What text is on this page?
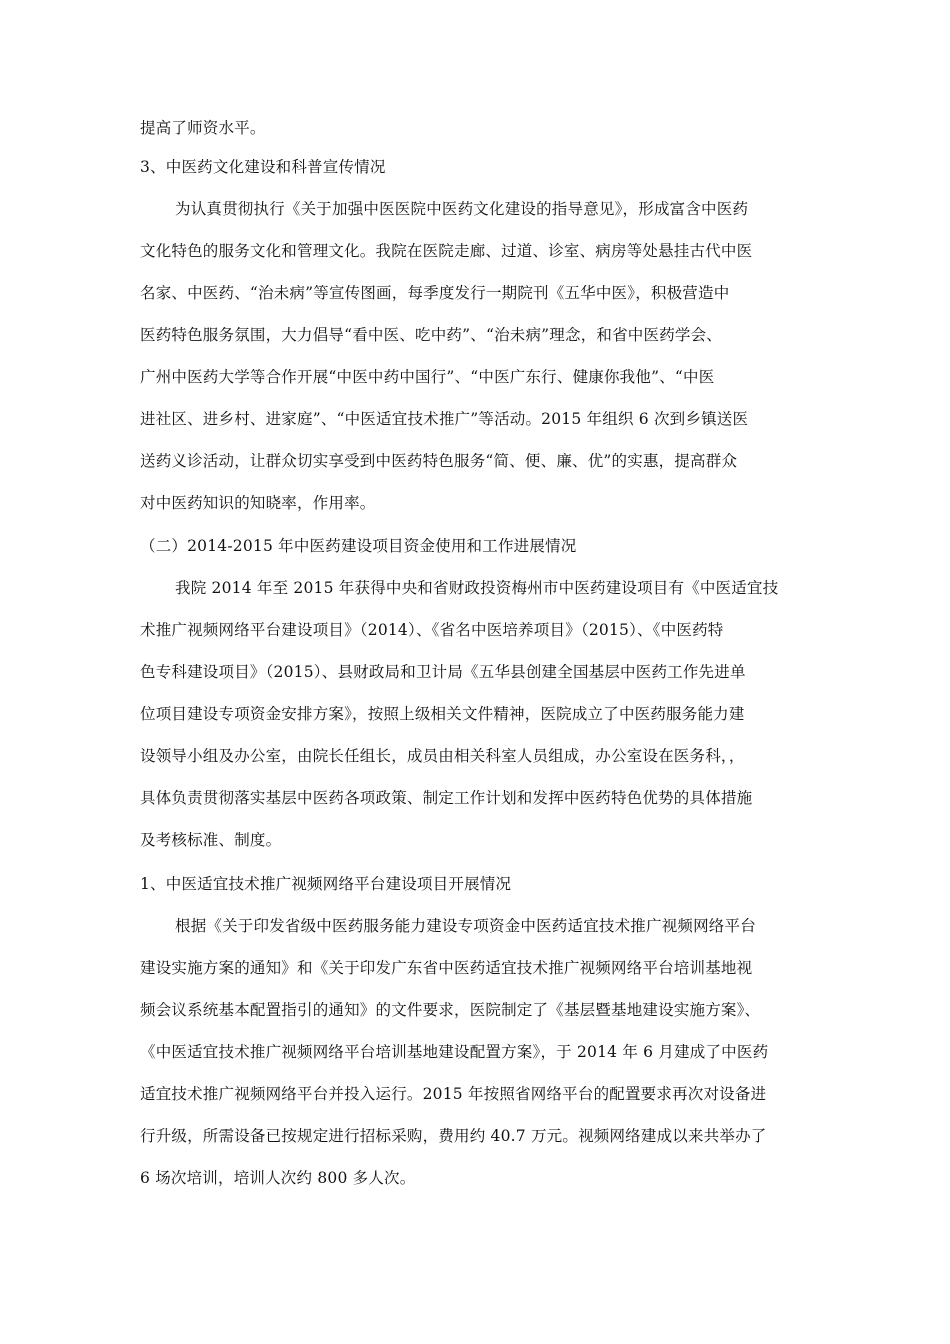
提高了师资水平。
3、中医药文化建设和科普宣传情况
为认真贯彻执行《关于加强中医医院中医药文化建设的指导意见》，形成富含中医药
文化特色的服务文化和管理文化。我院在医院走廊、过道、诊室、病房等处悬挂古代中医
名家、中医药、“治未病”等宣传图画，每季度发行一期院刊《五华中医》，积极营造中
医药特色服务氛围，大力倡导“看中医、吃中药”、“治未病”理念，和省中医药学会、
广州中医药大学等合作开展“中医中药中国行”、“中医广东行、健康你我他”、“中医
进社区、进乡村、进家庭”、“中医适宜技术推广”等活动。2015 年组织 6 次到乡镇送医
送药义诊活动，让群众切实享受到中医药特色服务“简、便、廉、优”的实惠，提高群众
对中医药知识的知晓率，作用率。
（二）2014-2015 年中医药建设项目资金使用和工作进展情况
我院 2014 年至 2015 年获得中央和省财政投资梅州市中医药建设项目有《中医适宜技
术推广视频网络平台建设项目》（2014）、《省名中医培养项目》（2015）、《中医药特
色专科建设项目》（2015）、县财政局和卫计局《五华县创建全国基层中医药工作先进单
位项目建设专项资金安排方案》，按照上级相关文件精神，医院成立了中医药服务能力建
设领导小组及办公室，由院长任组长，成员由相关科室人员组成，办公室设在医务科，，
具体负责贯彻落实基层中医药各项政策、制定工作计划和发挥中医药特色优势的具体措施
及考核标准、制度。
1、中医适宜技术推广视频网络平台建设项目开展情况
根据《关于印发省级中医药服务能力建设专项资金中医药适宜技术推广视频网络平台
建设实施方案的通知》和《关于印发广东省中医药适宜技术推广视频网络平台培训基地视
频会议系统基本配置指引的通知》的文件要求，医院制定了《基层暨基地建设实施方案》、
《中医适宜技术推广视频网络平台培训基地建设配置方案》，于 2014 年 6 月建成了中医药
适宜技术推广视频网络平台并投入运行。2015 年按照省网络平台的配置要求再次对设备进
行升级，所需设备已按规定进行招标采购，费用约 40.7 万元。视频网络建成以来共举办了
6 场次培训，培训人次约 800 多人次。
